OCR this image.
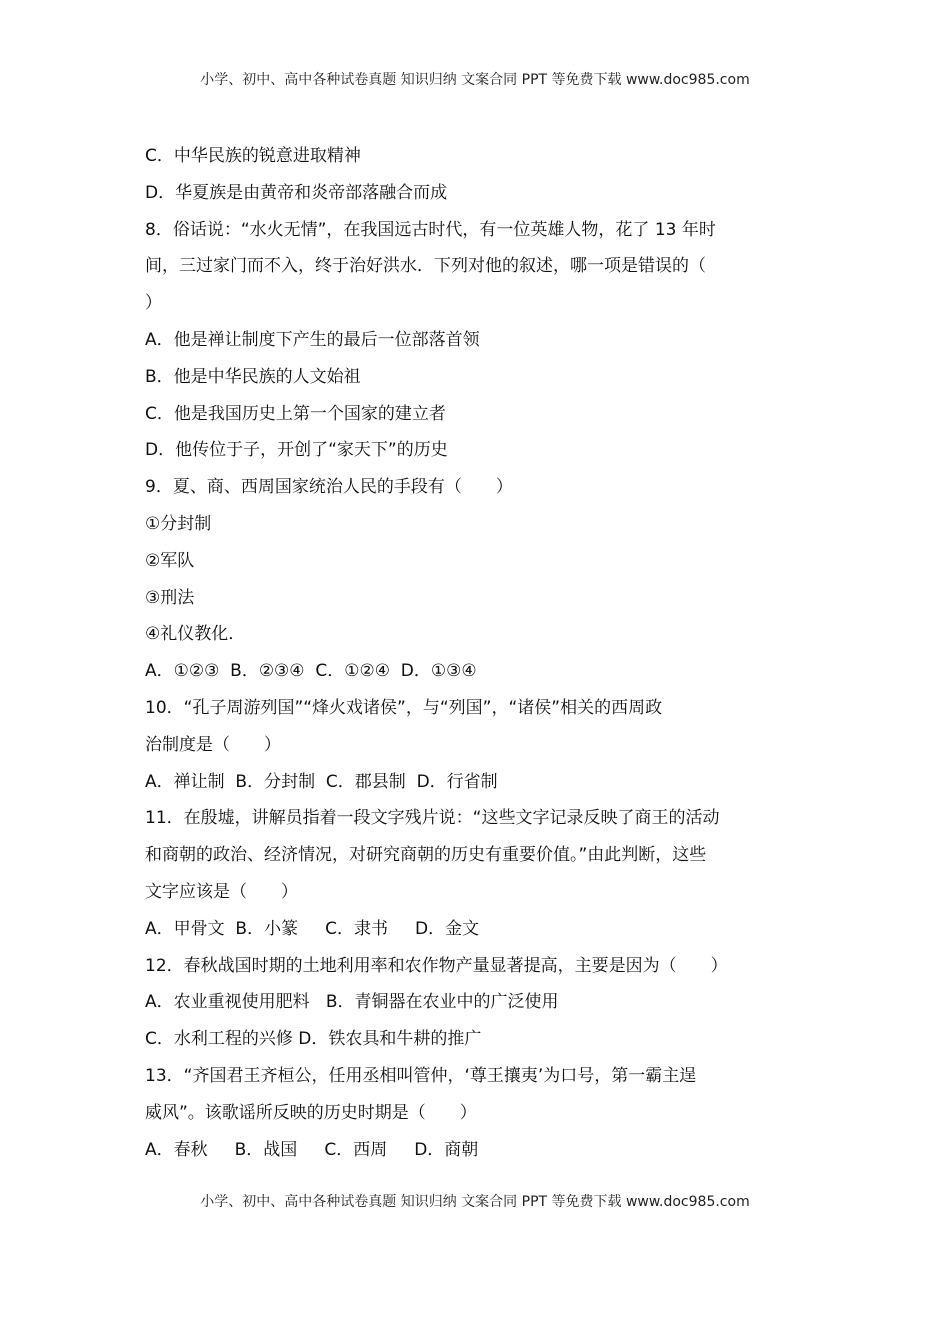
小学、初中、高中各种试卷真题 知识归纳 文案合同 PPT 等免费下载 www.doc985.com
C．中华民族的锐意进取精神
D．华夏族是由黄帝和炎帝部落融合而成
8．俗话说：“水火无情”，在我国远古时代，有一位英雄人物，花了 13 年时
间，三过家门而不入，终于治好洪水．下列对他的叙述，哪一项是错误的（
）
A．他是禅让制度下产生的最后一位部落首领
B．他是中华民族的人文始祖
C．他是我国历史上第一个国家的建立者
D．他传位于子，开创了“家天下”的历史
9．夏、商、西周国家统治人民的手段有（　　）
①分封制
②军队
③刑法
④礼仪教化．
A．①②③  B．②③④  C．①②④  D．①③④
10．“孔子周游列国”“烽火戏诸侯”，与“列国”，“诸侯”相关的西周政
治制度是（　　）
A．禅让制  B．分封制  C．郡县制  D．行省制
11．在殷墟，讲解员指着一段文字残片说：“这些文字记录反映了商王的活动
和商朝的政治、经济情况，对研究商朝的历史有重要价值。”由此判断，这些
文字应该是（　　）
A．甲骨文  B．小篆     C．隶书     D．金文
12．春秋战国时期的土地利用率和农作物产量显著提高，主要是因为（　　）
A．农业重视使用肥料   B．青铜器在农业中的广泛使用
C．水利工程的兴修 D．铁农具和牛耕的推广
13．“齐国君王齐桓公，任用丞相叫管仲，‘尊王攘夷’为口号，第一霸主逞
威风”。该歌谣所反映的历史时期是（　　）
A．春秋     B．战国     C．西周     D．商朝
小学、初中、高中各种试卷真题 知识归纳 文案合同 PPT 等免费下载 www.doc985.com
